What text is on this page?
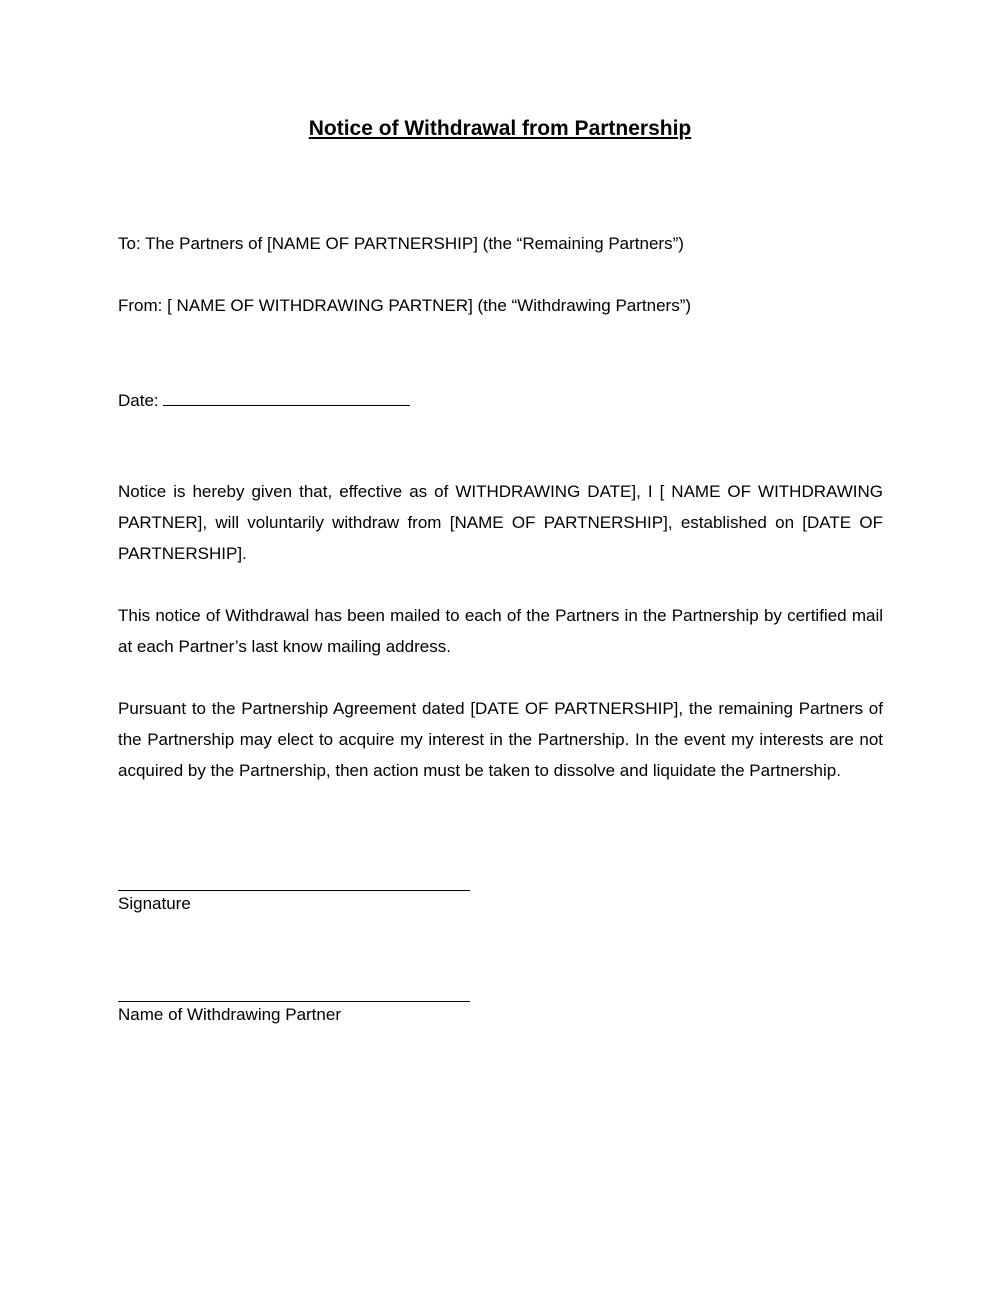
Notice of Withdrawal from Partnership
To: The Partners of [NAME OF PARTNERSHIP] (the “Remaining Partners”)
From: [ NAME OF WITHDRAWING PARTNER] (the “Withdrawing Partners”)
Date:
Notice is hereby given that, effective as of WITHDRAWING DATE], I [ NAME OF WITHDRAWING PARTNER], will voluntarily withdraw from [NAME OF PARTNERSHIP], established on [DATE OF PARTNERSHIP].
This notice of Withdrawal has been mailed to each of the Partners in the Partnership by certified mail at each Partner’s last know mailing address.
Pursuant to the Partnership Agreement dated [DATE OF PARTNERSHIP], the remaining Partners of the Partnership may elect to acquire my interest in the Partnership. In the event my interests are not acquired by the Partnership, then action must be taken to dissolve and liquidate the Partnership.
Signature
Name of Withdrawing Partner
